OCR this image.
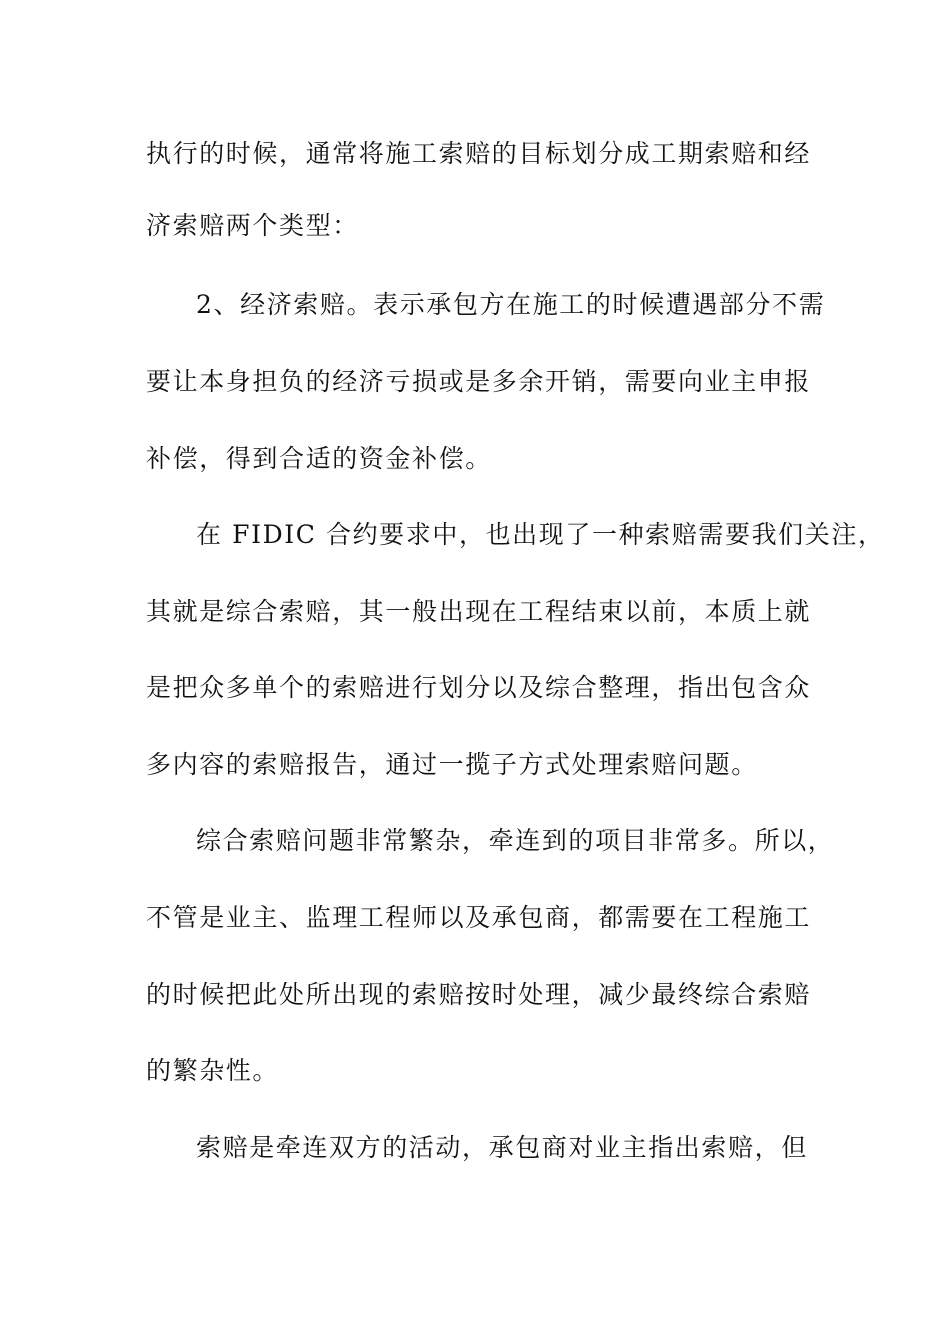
执行的时候，通常将施工索赔的目标划分成工期索赔和经
济索赔两个类型：
2、经济索赔。表示承包方在施工的时候遭遇部分不需
要让本身担负的经济亏损或是多余开销，需要向业主申报
补偿，得到合适的资金补偿。
在 FIDIC 合约要求中，也出现了一种索赔需要我们关注，
其就是综合索赔，其一般出现在工程结束以前，本质上就
是把众多单个的索赔进行划分以及综合整理，指出包含众
多内容的索赔报告，通过一揽子方式处理索赔问题。
综合索赔问题非常繁杂，牵连到的项目非常多。所以，
不管是业主、监理工程师以及承包商，都需要在工程施工
的时候把此处所出现的索赔按时处理，减少最终综合索赔
的繁杂性。
索赔是牵连双方的活动，承包商对业主指出索赔，但
